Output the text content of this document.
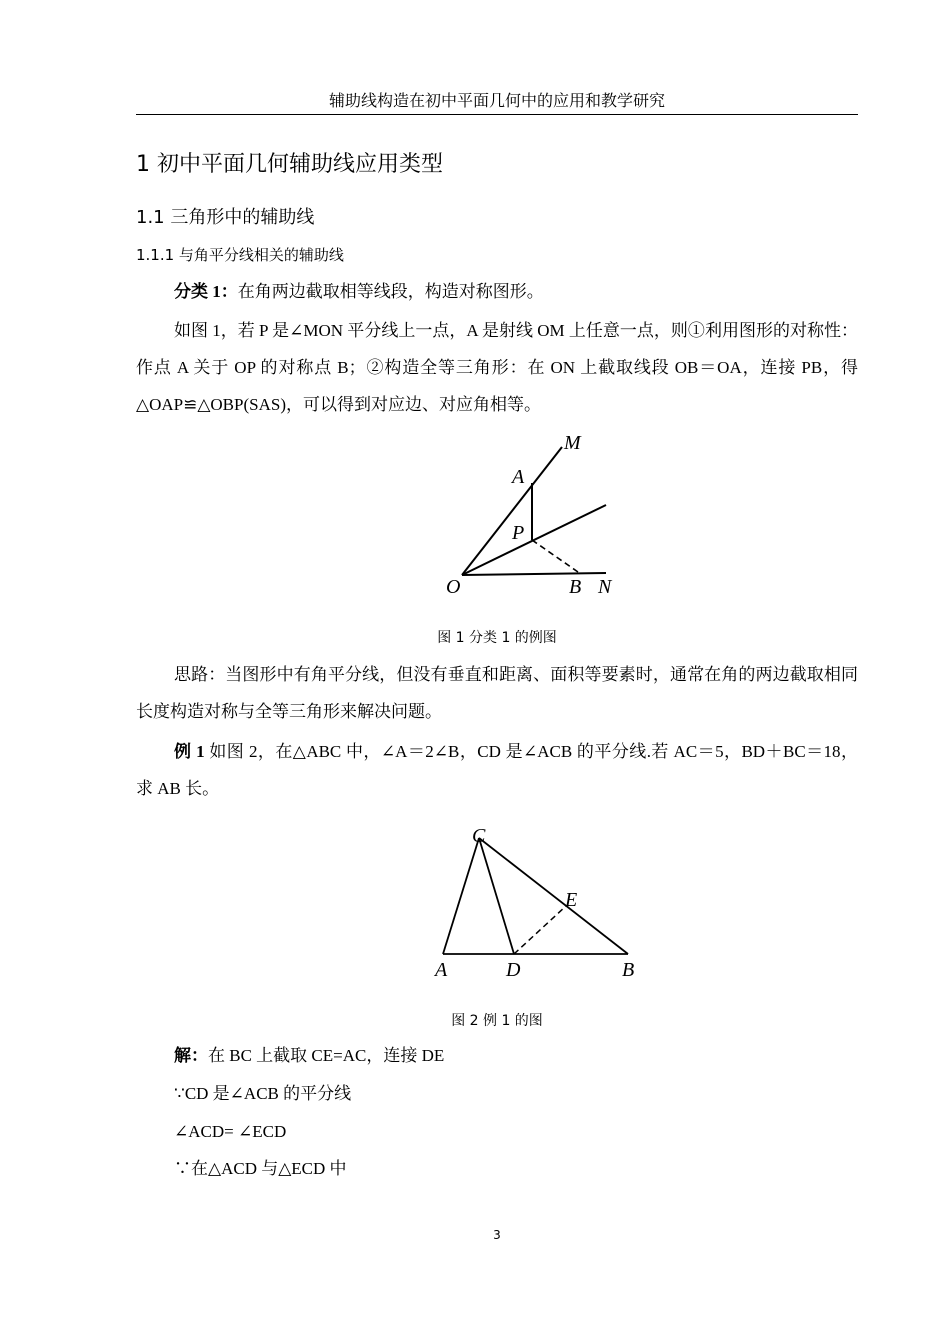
辅助线构造在初中平面几何中的应用和教学研究
1 初中平面几何辅助线应用类型
1.1 三角形中的辅助线
1.1.1 与角平分线相关的辅助线
分类 1：在角两边截取相等线段，构造对称图形。
如图 1，若 P 是∠MON 平分线上一点，A 是射线 OM 上任意一点，则①利用图形的对称性：作点 A 关于 OP 的对称点 B；②构造全等三角形：在 ON 上截取线段 OB＝OA，连接 PB，得△OAP≌△OBP(SAS)，可以得到对应边、对应角相等。
M
A
P
O	B N
图 1 分类 1 的例图
思路：当图形中有角平分线，但没有垂直和距离、面积等要素时，通常在角的两边截取相同长度构造对称与全等三角形来解决问题。
例 1 如图 2，在△ABC 中，∠A＝2∠B，CD 是∠ACB 的平分线.若 AC＝5，BD＋BC＝18，求 AB 长。
C
E
A	D	B
图 2 例 1 的图
解：在 BC 上截取 CE=AC，连接 DE
∵CD 是∠ACB 的平分线
∠ACD= ∠ECD
∵在△ACD 与△ECD 中
3
